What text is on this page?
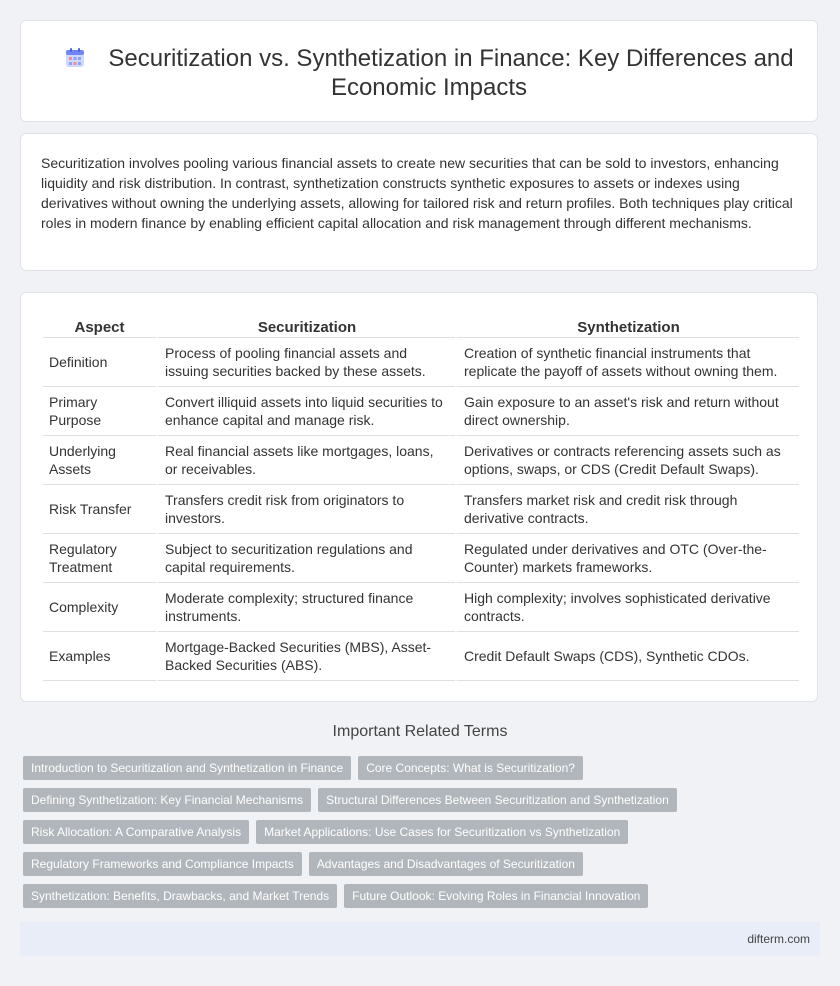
Securitization vs. Synthetization in Finance: Key Differences and Economic Impacts
Securitization involves pooling various financial assets to create new securities that can be sold to investors, enhancing liquidity and risk distribution. In contrast, synthetization constructs synthetic exposures to assets or indexes using derivatives without owning the underlying assets, allowing for tailored risk and return profiles. Both techniques play critical roles in modern finance by enabling efficient capital allocation and risk management through different mechanisms.
Aspect	Securitization	Synthetization
Definition	Process of pooling financial assets and issuing securities backed by these assets.	Creation of synthetic financial instruments that replicate the payoff of assets without owning them.
Primary Purpose	Convert illiquid assets into liquid securities to enhance capital and manage risk.	Gain exposure to an asset's risk and return without direct ownership.
Underlying Assets	Real financial assets like mortgages, loans, or receivables.	Derivatives or contracts referencing assets such as options, swaps, or CDS (Credit Default Swaps).
Risk Transfer	Transfers credit risk from originators to investors.	Transfers market risk and credit risk through derivative contracts.
Regulatory Treatment	Subject to securitization regulations and capital requirements.	Regulated under derivatives and OTC (Over-the-Counter) markets frameworks.
Complexity	Moderate complexity; structured finance instruments.	High complexity; involves sophisticated derivative contracts.
Examples	Mortgage-Backed Securities (MBS), Asset-Backed Securities (ABS).	Credit Default Swaps (CDS), Synthetic CDOs.
Important Related Terms
Introduction to Securitization and Synthetization in Finance Core Concepts: What is Securitization?
Defining Synthetization: Key Financial Mechanisms Structural Differences Between Securitization and Synthetization
Risk Allocation: A Comparative Analysis Market Applications: Use Cases for Securitization vs Synthetization
Regulatory Frameworks and Compliance Impacts Advantages and Disadvantages of Securitization
Synthetization: Benefits, Drawbacks, and Market Trends Future Outlook: Evolving Roles in Financial Innovation
difterm.com
